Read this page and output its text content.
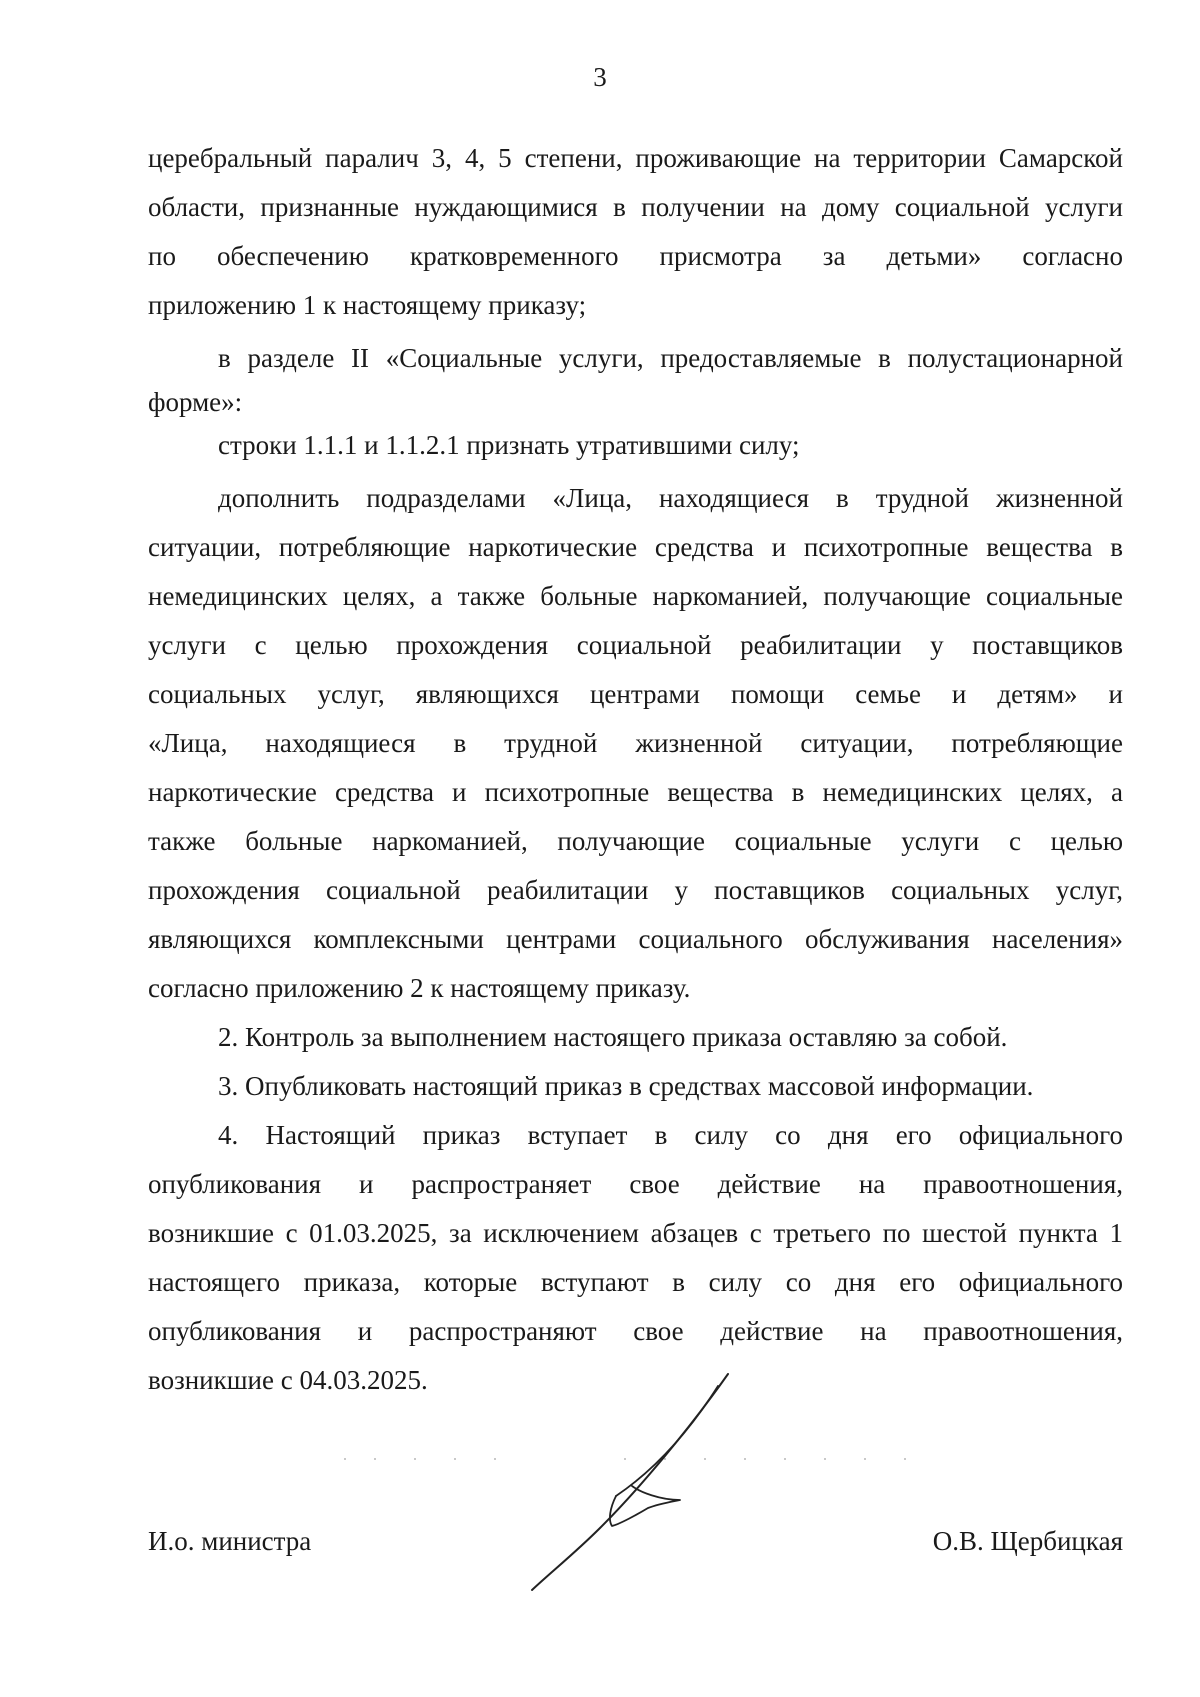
3

церебральный паралич 3, 4, 5 степени, проживающие на территории Самарской

области, признанные нуждающимися в получении на дому социальной услуги

по обеспечению кратковременного присмотра за детьми» согласно

приложению 1 к настоящему приказу;

в разделе II «Социальные услуги, предоставляемые в полустационарной

форме»:

строки 1.1.1 и 1.1.2.1 признать утратившими силу;

дополнить подразделами «Лица, находящиеся в трудной жизненной

ситуации, потребляющие наркотические средства и психотропные вещества в

немедицинских целях, а также больные наркоманией, получающие социальные

услуги с целью прохождения социальной реабилитации у поставщиков

социальных услуг, являющихся центрами помощи семье и детям» и

«Лица, находящиеся в трудной жизненной ситуации, потребляющие

наркотические средства и психотропные вещества в немедицинских целях, а

также больные наркоманией, получающие социальные услуги с целью

прохождения социальной реабилитации у поставщиков социальных услуг,

являющихся комплексными центрами социального обслуживания населения»

согласно приложению 2 к настоящему приказу.

2. Контроль за выполнением настоящего приказа оставляю за собой.

3. Опубликовать настоящий приказ в средствах массовой информации.

4. Настоящий приказ вступает в силу со дня его официального

опубликования и распространяет свое действие на правоотношения,

возникшие с 01.03.2025, за исключением абзацев с третьего по шестой пункта 1

настоящего приказа, которые вступают в силу со дня его официального

опубликования и распространяют свое действие на правоотношения,

возникшие с 04.03.2025.

И.о. министра	О.В. Щербицкая
